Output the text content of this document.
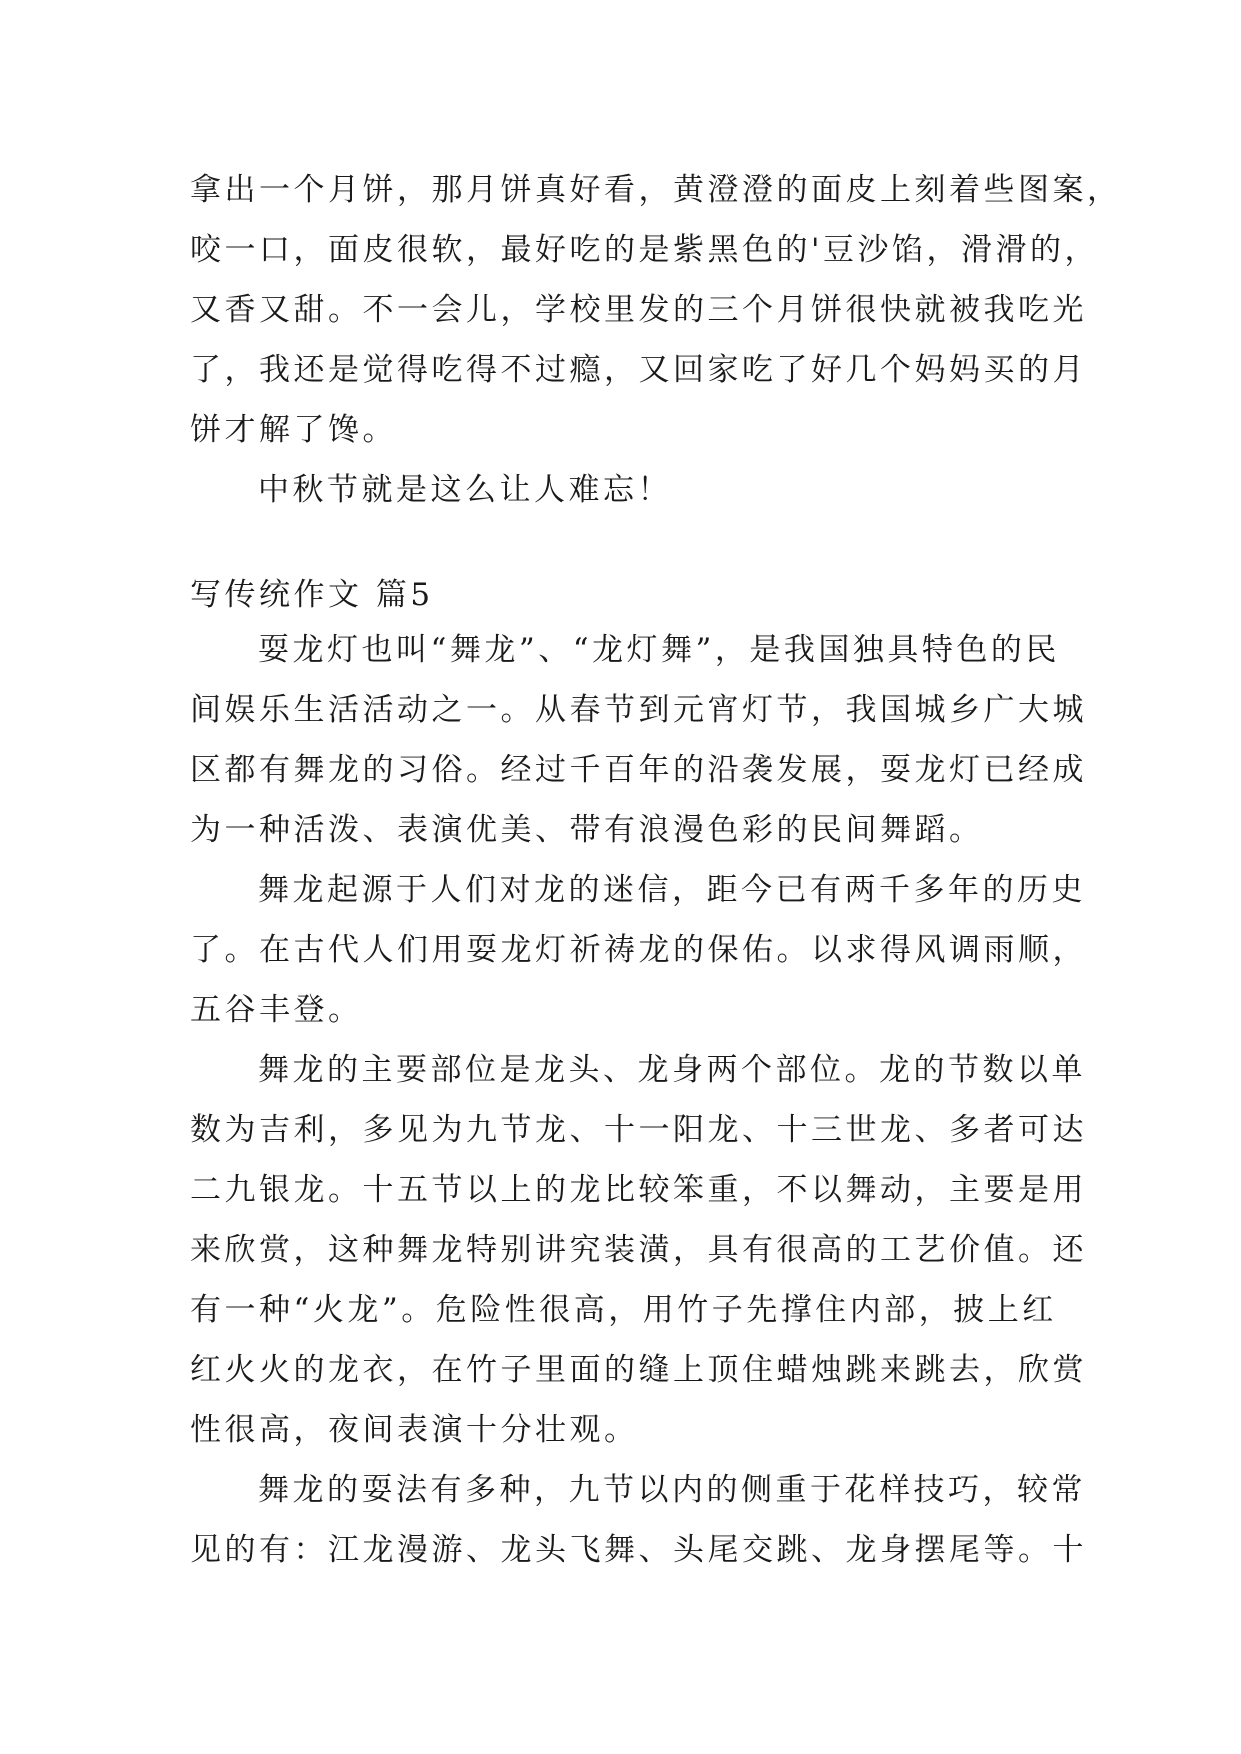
拿出一个月饼，那月饼真好看，黄澄澄的面皮上刻着些图案，
咬一口，面皮很软，最好吃的是紫黑色的'豆沙馅，滑滑的，
又香又甜。不一会儿，学校里发的三个月饼很快就被我吃光
了，我还是觉得吃得不过瘾，又回家吃了好几个妈妈买的月
饼才解了馋。
中秋节就是这么让人难忘！
写传统作文 篇5
耍龙灯也叫“舞龙”、“龙灯舞”，是我国独具特色的民
间娱乐生活活动之一。从春节到元宵灯节，我国城乡广大城
区都有舞龙的习俗。经过千百年的沿袭发展，耍龙灯已经成
为一种活泼、表演优美、带有浪漫色彩的民间舞蹈。
舞龙起源于人们对龙的迷信，距今已有两千多年的历史
了。在古代人们用耍龙灯祈祷龙的保佑。以求得风调雨顺，
五谷丰登。
舞龙的主要部位是龙头、龙身两个部位。龙的节数以单
数为吉利，多见为九节龙、十一阳龙、十三世龙、多者可达
二九银龙。十五节以上的龙比较笨重，不以舞动，主要是用
来欣赏，这种舞龙特别讲究装潢，具有很高的工艺价值。还
有一种“火龙”。危险性很高，用竹子先撑住内部，披上红
红火火的龙衣，在竹子里面的缝上顶住蜡烛跳来跳去，欣赏
性很高，夜间表演十分壮观。
舞龙的耍法有多种，九节以内的侧重于花样技巧，较常
见的有：江龙漫游、龙头飞舞、头尾交跳、龙身摆尾等。十
